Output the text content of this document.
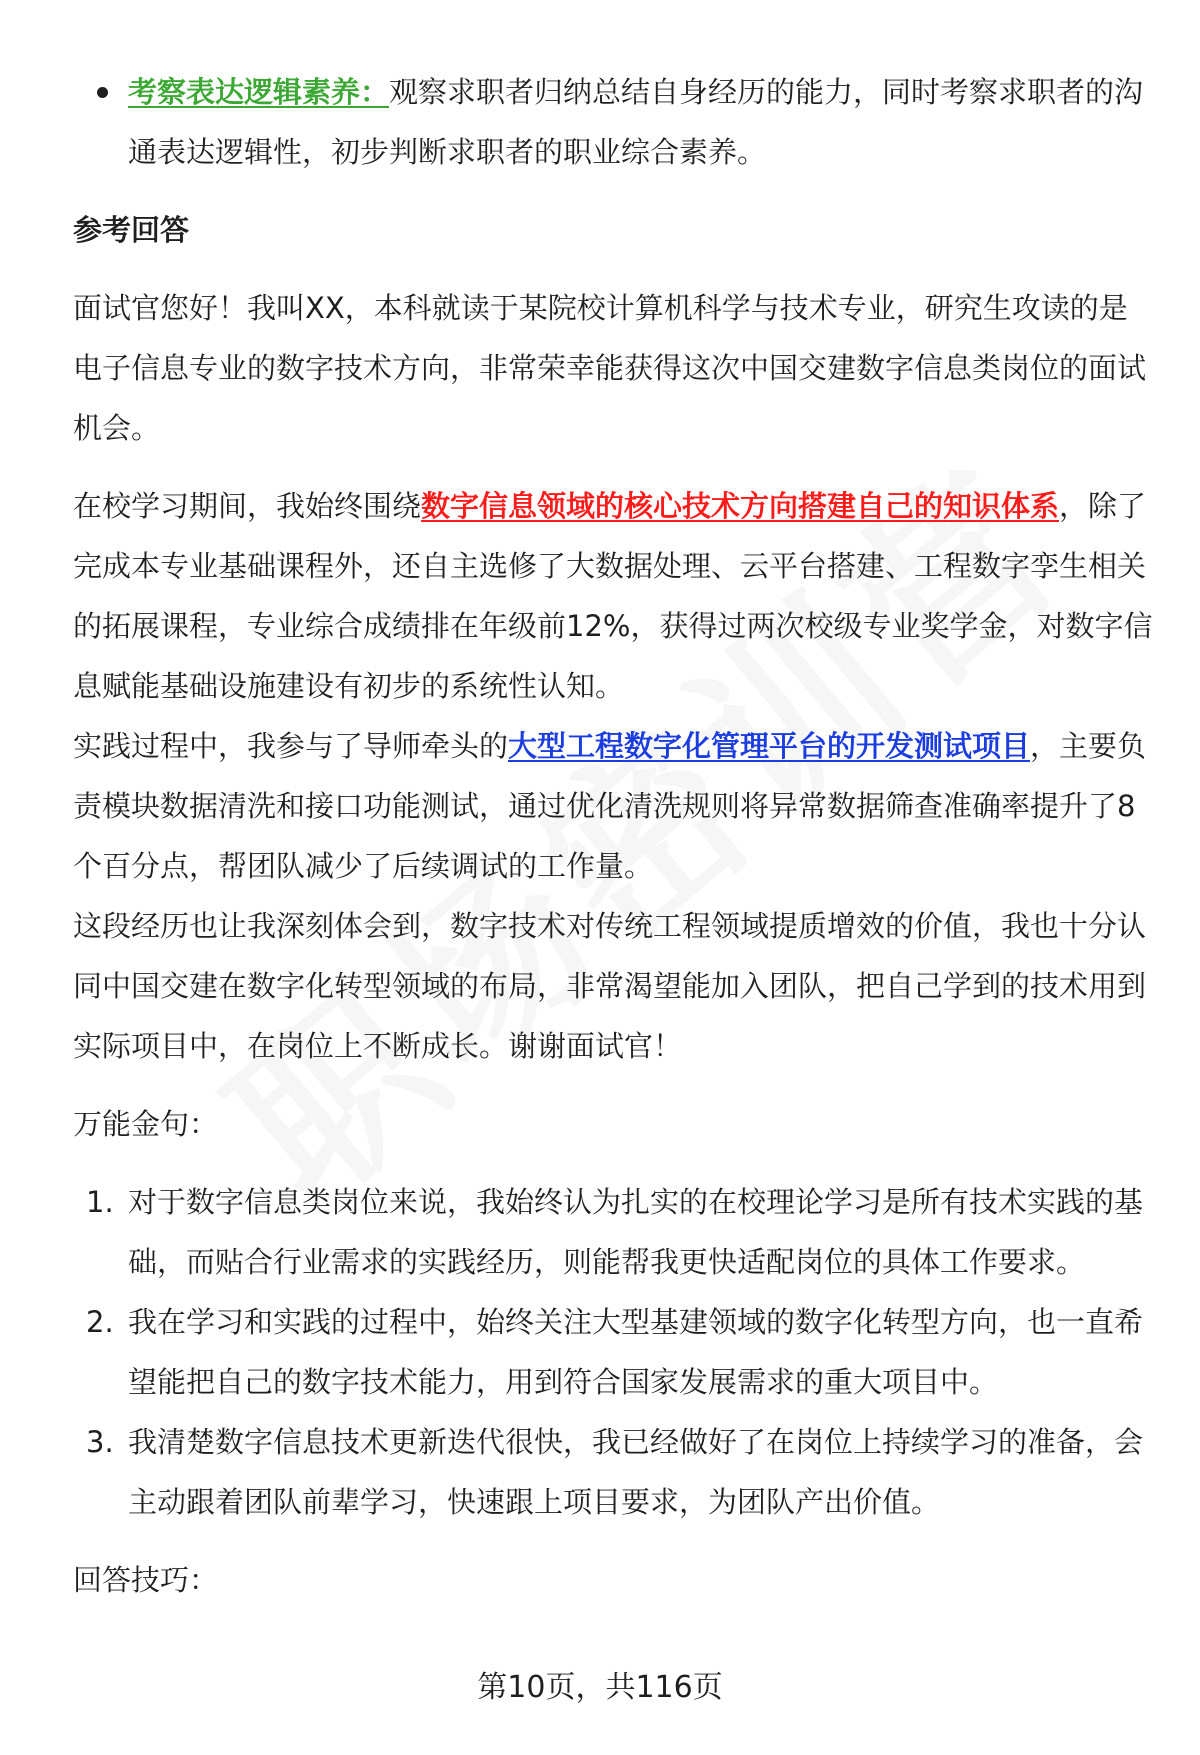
考察表达逻辑素养：观察求职者归纳总结自身经历的能力，同时考察求职者的沟通表达逻辑性，初步判断求职者的职业综合素养。
参考回答
面试官您好！我叫XX，本科就读于某院校计算机科学与技术专业，研究生攻读的是电子信息专业的数字技术方向，非常荣幸能获得这次中国交建数字信息类岗位的面试机会。
在校学习期间，我始终围绕数字信息领域的核心技术方向搭建自己的知识体系，除了完成本专业基础课程外，还自主选修了大数据处理、云平台搭建、工程数字孪生相关的拓展课程，专业综合成绩排在年级前12%，获得过两次校级专业奖学金，对数字信息赋能基础设施建设有初步的系统性认知。
实践过程中，我参与了导师牵头的大型工程数字化管理平台的开发测试项目，主要负责模块数据清洗和接口功能测试，通过优化清洗规则将异常数据筛查准确率提升了8个百分点，帮团队减少了后续调试的工作量。
这段经历也让我深刻体会到，数字技术对传统工程领域提质增效的价值，我也十分认同中国交建在数字化转型领域的布局，非常渴望能加入团队，把自己学到的技术用到实际项目中，在岗位上不断成长。谢谢面试官！
万能金句：
1. 对于数字信息类岗位来说，我始终认为扎实的在校理论学习是所有技术实践的基础，而贴合行业需求的实践经历，则能帮我更快适配岗位的具体工作要求。
2. 我在学习和实践的过程中，始终关注大型基建领域的数字化转型方向，也一直希望能把自己的数字技术能力，用到符合国家发展需求的重大项目中。
3. 我清楚数字信息技术更新迭代很快，我已经做好了在岗位上持续学习的准备，会主动跟着团队前辈学习，快速跟上项目要求，为团队产出价值。
回答技巧：
第10页，共116页
